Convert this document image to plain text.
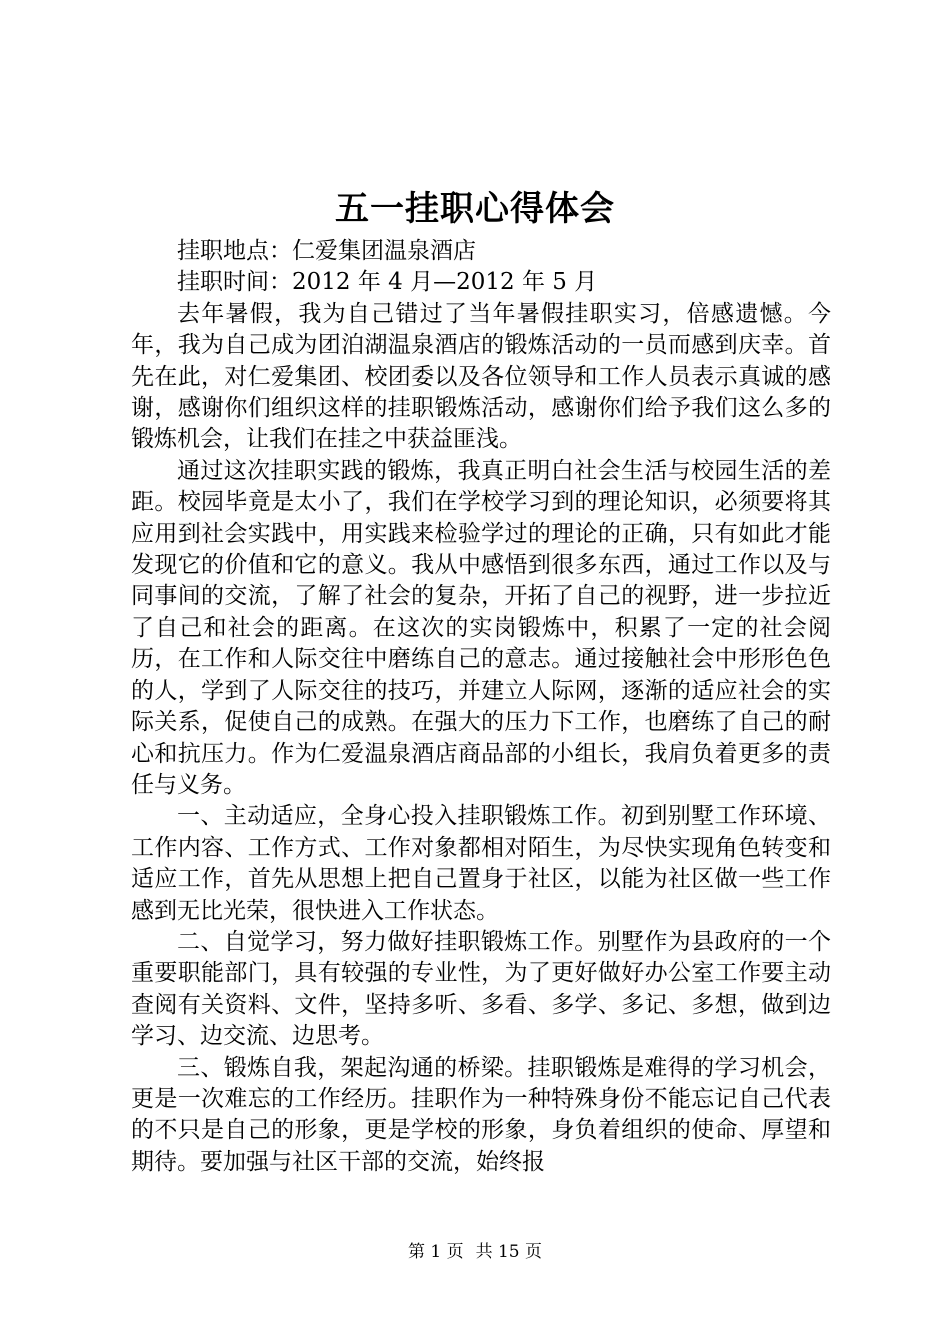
五一挂职心得体会

挂职地点：仁爱集团温泉酒店

挂职时间：2012 年 4 月—2012 年 5 月

去年暑假，我为自己错过了当年暑假挂职实习，倍感遗憾。今年，我为自己成为团泊湖温泉酒店的锻炼活动的一员而感到庆幸。首先在此，对仁爱集团、校团委以及各位领导和工作人员表示真诚的感谢，感谢你们组织这样的挂职锻炼活动，感谢你们给予我们这么多的锻炼机会，让我们在挂之中获益匪浅。

通过这次挂职实践的锻炼，我真正明白社会生活与校园生活的差距。校园毕竟是太小了，我们在学校学习到的理论知识，必须要将其应用到社会实践中，用实践来检验学过的理论的正确，只有如此才能发现它的价值和它的意义。我从中感悟到很多东西，通过工作以及与同事间的交流，了解了社会的复杂，开拓了自己的视野，进一步拉近了自己和社会的距离。在这次的实岗锻炼中，积累了一定的社会阅历，在工作和人际交往中磨练自己的意志。通过接触社会中形形色色的人，学到了人际交往的技巧，并建立人际网，逐渐的适应社会的实际关系，促使自己的成熟。在强大的压力下工作，也磨练了自己的耐心和抗压力。作为仁爱温泉酒店商品部的小组长，我肩负着更多的责任与义务。

一、主动适应，全身心投入挂职锻炼工作。初到别墅工作环境、工作内容、工作方式、工作对象都相对陌生，为尽快实现角色转变和适应工作，首先从思想上把自己置身于社区，以能为社区做一些工作感到无比光荣，很快进入工作状态。

二、自觉学习，努力做好挂职锻炼工作。别墅作为县政府的一个重要职能部门，具有较强的专业性，为了更好做好办公室工作要主动查阅有关资料、文件，坚持多听、多看、多学、多记、多想，做到边学习、边交流、边思考。

三、锻炼自我，架起沟通的桥梁。挂职锻炼是难得的学习机会，更是一次难忘的工作经历。挂职作为一种特殊身份不能忘记自己代表的不只是自己的形象，更是学校的形象，身负着组织的使命、厚望和期待。要加强与社区干部的交流，始终报

第 1 页 共 15 页
